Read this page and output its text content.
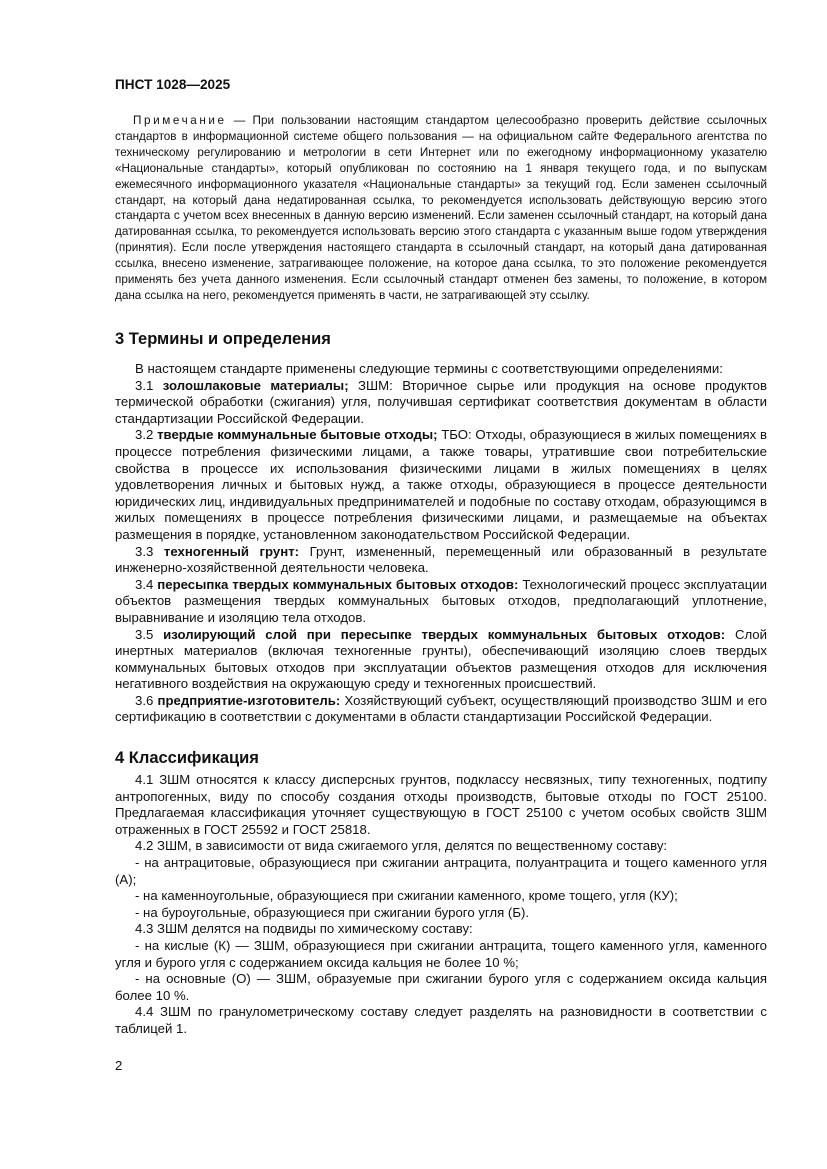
ПНСТ 1028—2025
Примечание — При пользовании настоящим стандартом целесообразно проверить действие ссылочных стандартов в информационной системе общего пользования — на официальном сайте Федерального агентства по техническому регулированию и метрологии в сети Интернет или по ежегодному информационному указателю «Национальные стандарты», который опубликован по состоянию на 1 января текущего года, и по выпускам ежемесячного информационного указателя «Национальные стандарты» за текущий год. Если заменен ссылочный стандарт, на который дана недатированная ссылка, то рекомендуется использовать действующую версию этого стандарта с учетом всех внесенных в данную версию изменений. Если заменен ссылочный стандарт, на который дана датированная ссылка, то рекомендуется использовать версию этого стандарта с указанным выше годом утверждения (принятия). Если после утверждения настоящего стандарта в ссылочный стандарт, на который дана датированная ссылка, внесено изменение, затрагивающее положение, на которое дана ссылка, то это положение рекомендуется применять без учета данного изменения. Если ссылочный стандарт отменен без замены, то положение, в котором дана ссылка на него, рекомендуется применять в части, не затрагивающей эту ссылку.
3 Термины и определения

В настоящем стандарте применены следующие термины с соответствующими определениями:

3.1 золошлаковые материалы; ЗШМ: Вторичное сырье или продукция на основе продуктов термической обработки (сжигания) угля, получившая сертификат соответствия документам в области стандартизации Российской Федерации.

3.2 твердые коммунальные бытовые отходы; ТБО: Отходы, образующиеся в жилых помещениях в процессе потребления физическими лицами, а также товары, утратившие свои потребительские свойства в процессе их использования физическими лицами в жилых помещениях в целях удовлетворения личных и бытовых нужд, а также отходы, образующиеся в процессе деятельности юридических лиц, индивидуальных предпринимателей и подобные по составу отходам, образующимся в жилых помещениях в процессе потребления физическими лицами, и размещаемые на объектах размещения в порядке, установленном законодательством Российской Федерации.

3.3 техногенный грунт: Грунт, измененный, перемещенный или образованный в результате инженерно-хозяйственной деятельности человека.

3.4 пересыпка твердых коммунальных бытовых отходов: Технологический процесс эксплуатации объектов размещения твердых коммунальных бытовых отходов, предполагающий уплотнение, выравнивание и изоляцию тела отходов.

3.5 изолирующий слой при пересыпке твердых коммунальных бытовых отходов: Слой инертных материалов (включая техногенные грунты), обеспечивающий изоляцию слоев твердых коммунальных бытовых отходов при эксплуатации объектов размещения отходов для исключения негативного воздействия на окружающую среду и техногенных происшествий.

3.6 предприятие-изготовитель: Хозяйствующий субъект, осуществляющий производство ЗШМ и его сертификацию в соответствии с документами в области стандартизации Российской Федерации.

4 Классификация

4.1 ЗШМ относятся к классу дисперсных грунтов, подклассу несвязных, типу техногенных, подтипу антропогенных, виду по способу создания отходы производств, бытовые отходы по ГОСТ 25100. Предлагаемая классификация уточняет существующую в ГОСТ 25100 с учетом особых свойств ЗШМ отраженных в ГОСТ 25592 и ГОСТ 25818.

4.2 ЗШМ, в зависимости от вида сжигаемого угля, делятся по вещественному составу:

- на антрацитовые, образующиеся при сжигании антрацита, полуантрацита и тощего каменного угля (А);

- на каменноугольные, образующиеся при сжигании каменного, кроме тощего, угля (КУ);

- на буроугольные, образующиеся при сжигании бурого угля (Б).

4.3 ЗШМ делятся на подвиды по химическому составу:

- на кислые (К) — ЗШМ, образующиеся при сжигании антрацита, тощего каменного угля, каменного угля и бурого угля с содержанием оксида кальция не более 10 %;

- на основные (О) — ЗШМ, образуемые при сжигании бурого угля с содержанием оксида кальция более 10 %.

4.4 ЗШМ по гранулометрическому составу следует разделять на разновидности в соответствии с таблицей 1.

2
